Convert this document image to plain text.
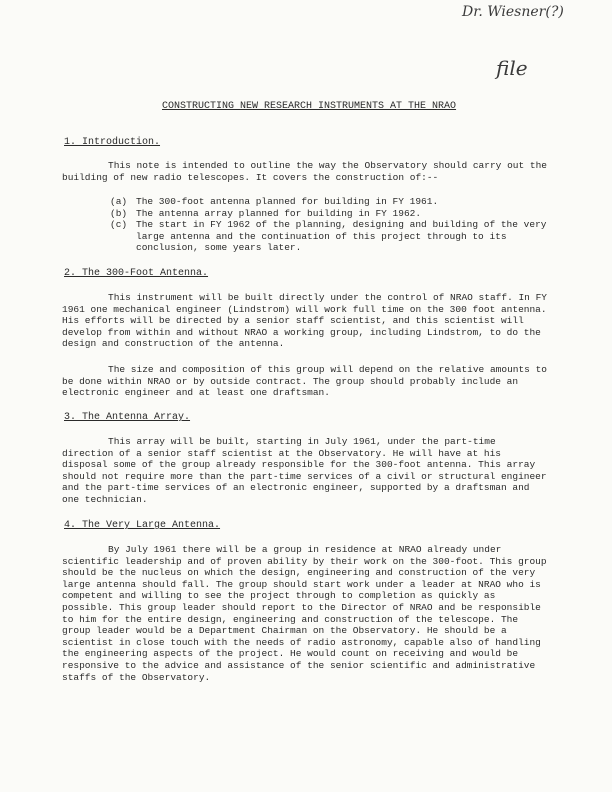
Dr. Wiesner(?)
file
CONSTRUCTING NEW RESEARCH INSTRUMENTS AT THE NRAO
1. Introduction.

This note is intended to outline the way the Observatory should carry out the building of new radio telescopes. It covers the construction of:--

(a) The 300-foot antenna planned for building in FY 1961.
(b) The antenna array planned for building in FY 1962.
(c) The start in FY 1962 of the planning, designing and building of the very large antenna and the continuation of this project through to its conclusion, some years later.
2. The 300-Foot Antenna.

This instrument will be built directly under the control of NRAO staff. In FY 1961 one mechanical engineer (Lindstrom) will work full time on the 300 foot antenna. His efforts will be directed by a senior staff scientist, and this scientist will develop from within and without NRAO a working group, including Lindstrom, to do the design and construction of the antenna.

The size and composition of this group will depend on the relative amounts to be done within NRAO or by outside contract. The group should probably include an electronic engineer and at least one draftsman.

3. The Antenna Array.

This array will be built, starting in July 1961, under the part-time direction of a senior staff scientist at the Observatory. He will have at his disposal some of the group already responsible for the 300-foot antenna. This array should not require more than the part-time services of a civil or structural engineer and the part-time services of an electronic engineer, supported by a draftsman and one technician.

4. The Very Large Antenna.

By July 1961 there will be a group in residence at NRAO already under scientific leadership and of proven ability by their work on the 300-foot. This group should be the nucleus on which the design, engineering and construction of the very large antenna should fall. The group should start work under a leader at NRAO who is competent and willing to see the project through to completion as quickly as possible. This group leader should report to the Director of NRAO and be responsible to him for the entire design, engineering and construction of the telescope. The group leader would be a Department Chairman on the Observatory. He should be a scientist in close touch with the needs of radio astronomy, capable also of handling the engineering aspects of the project. He would count on receiving and would be responsive to the advice and assistance of the senior scientific and administrative staffs of the Observatory.
